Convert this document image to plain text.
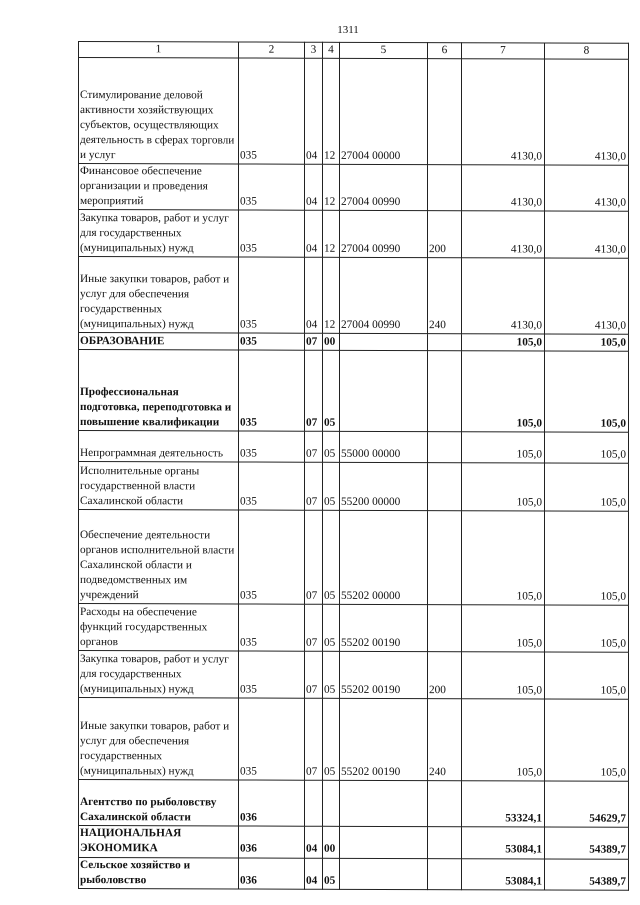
1311
1	2	3	4	5	6	7	8
Стимулирование деловой активности хозяйствующих субъектов, осуществляющих деятельность в сферах торговли и услуг	035	04	12	27004 00000		4130,0	4130,0
Финансовое обеспечение организации и проведения мероприятий	035	04	12	27004 00990		4130,0	4130,0
Закупка товаров, работ и услуг для государственных (муниципальных) нужд	035	04	12	27004 00990	200	4130,0	4130,0
Иные закупки товаров, работ и услуг для обеспечения государственных (муниципальных) нужд	035	04	12	27004 00990	240	4130,0	4130,0
ОБРАЗОВАНИЕ	035	07	00			105,0	105,0
Профессиональная подготовка, переподготовка и повышение квалификации	035	07	05			105,0	105,0
Непрограммная деятельность	035	07	05	55000 00000		105,0	105,0
Исполнительные органы государственной власти Сахалинской области	035	07	05	55200 00000		105,0	105,0
Обеспечение деятельности органов исполнительной власти Сахалинской области и подведомственных им учреждений	035	07	05	55202 00000		105,0	105,0
Расходы на обеспечение функций государственных органов	035	07	05	55202 00190		105,0	105,0
Закупка товаров, работ и услуг для государственных (муниципальных) нужд	035	07	05	55202 00190	200	105,0	105,0
Иные закупки товаров, работ и услуг для обеспечения государственных (муниципальных) нужд	035	07	05	55202 00190	240	105,0	105,0
Агентство по рыболовству Сахалинской области	036					53324,1	54629,7
НАЦИОНАЛЬНАЯ ЭКОНОМИКА	036	04	00			53084,1	54389,7
Сельское хозяйство и рыболовство	036	04	05			53084,1	54389,7
